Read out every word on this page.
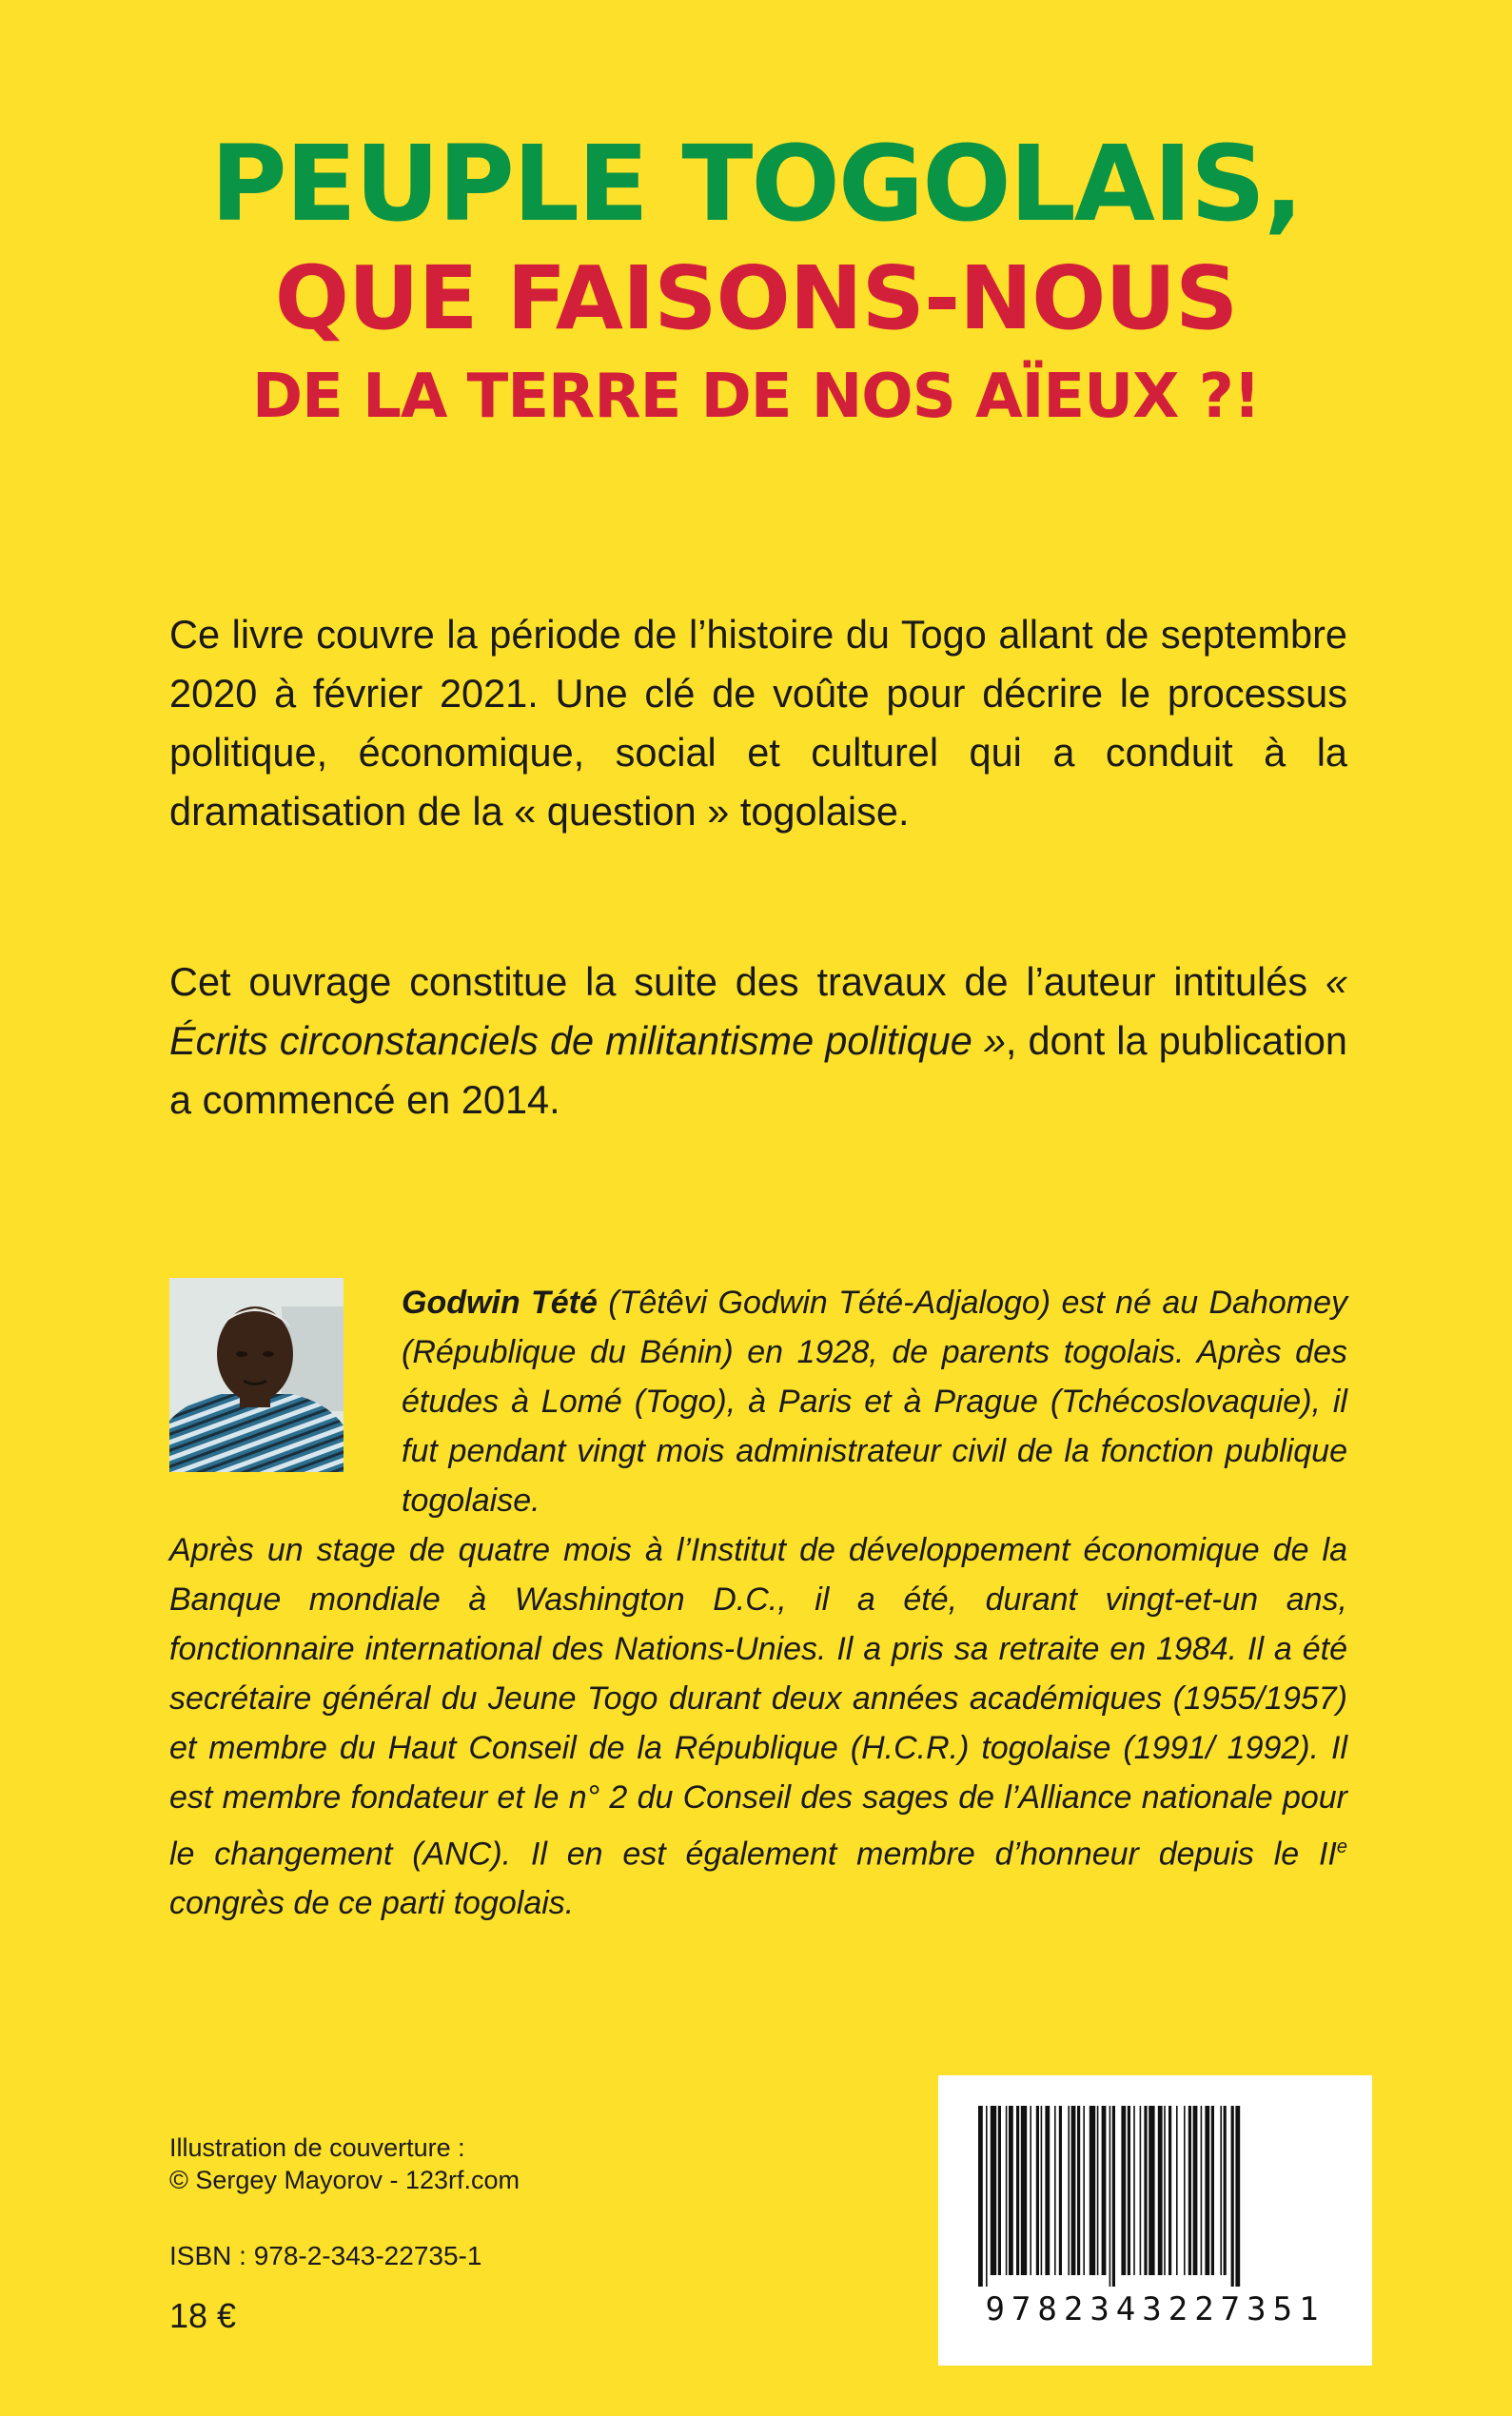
PEUPLE TOGOLAIS,
QUE FAISONS-NOUS
DE LA TERRE DE NOS AÏEUX ?!

Ce livre couvre la période de l’histoire du Togo allant de septembre 2020 à février 2021. Une clé de voûte pour décrire le processus politique, économique, social et culturel qui a conduit à la dramatisation de la « question » togolaise.

Cet ouvrage constitue la suite des travaux de l’auteur intitulés « Écrits circonstanciels de militantisme politique », dont la publication a commencé en 2014.

Godwin Tété (Têtêvi Godwin Tété-Adjalogo) est né au Dahomey (République du Bénin) en 1928, de parents togolais. Après des études à Lomé (Togo), à Paris et à Prague (Tchécoslovaquie), il fut pendant vingt mois administrateur civil de la fonction publique togolaise.

Après un stage de quatre mois à l’Institut de développement économique de la Banque mondiale à Washington D.C., il a été, durant vingt-et-un ans, fonctionnaire international des Nations-Unies. Il a pris sa retraite en 1984. Il a été secrétaire général du Jeune Togo durant deux années académiques (1955/1957) et membre du Haut Conseil de la République (H.C.R.) togolaise (1991/ 1992). Il est membre fondateur et le n° 2 du Conseil des sages de l’Alliance nationale pour le changement (ANC). Il en est également membre d’honneur depuis le IIe congrès de ce parti togolais.

Illustration de couverture :
© Sergey Mayorov - 123rf.com

ISBN : 978-2-343-22735-1

18 €	9782343227351
